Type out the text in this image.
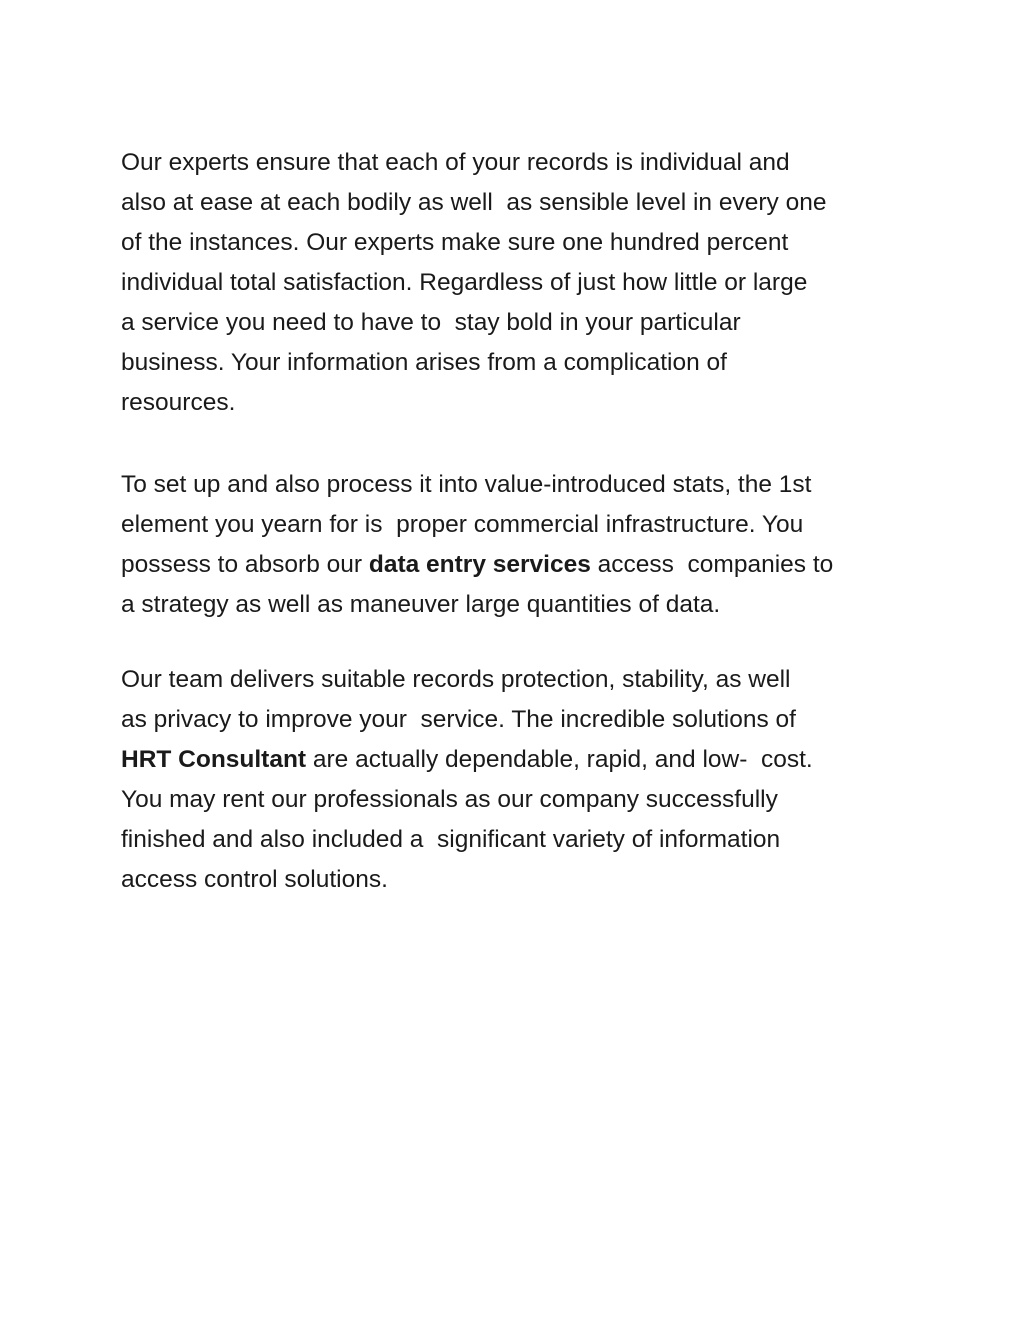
Our experts ensure that each of your records is individual and
also at ease at each bodily as well  as sensible level in every one
of the instances. Our experts make sure one hundred percent
individual total satisfaction. Regardless of just how little or large
a service you need to have to  stay bold in your particular
business. Your information arises from a complication of
resources.
To set up and also process it into value-introduced stats, the 1st
element you yearn for is  proper commercial infrastructure. You
possess to absorb our data entry services access  companies to
a strategy as well as maneuver large quantities of data.
Our team delivers suitable records protection, stability, as well
as privacy to improve your  service. The incredible solutions of
HRT Consultant are actually dependable, rapid, and low-  cost.
You may rent our professionals as our company successfully
finished and also included a  significant variety of information
access control solutions.
